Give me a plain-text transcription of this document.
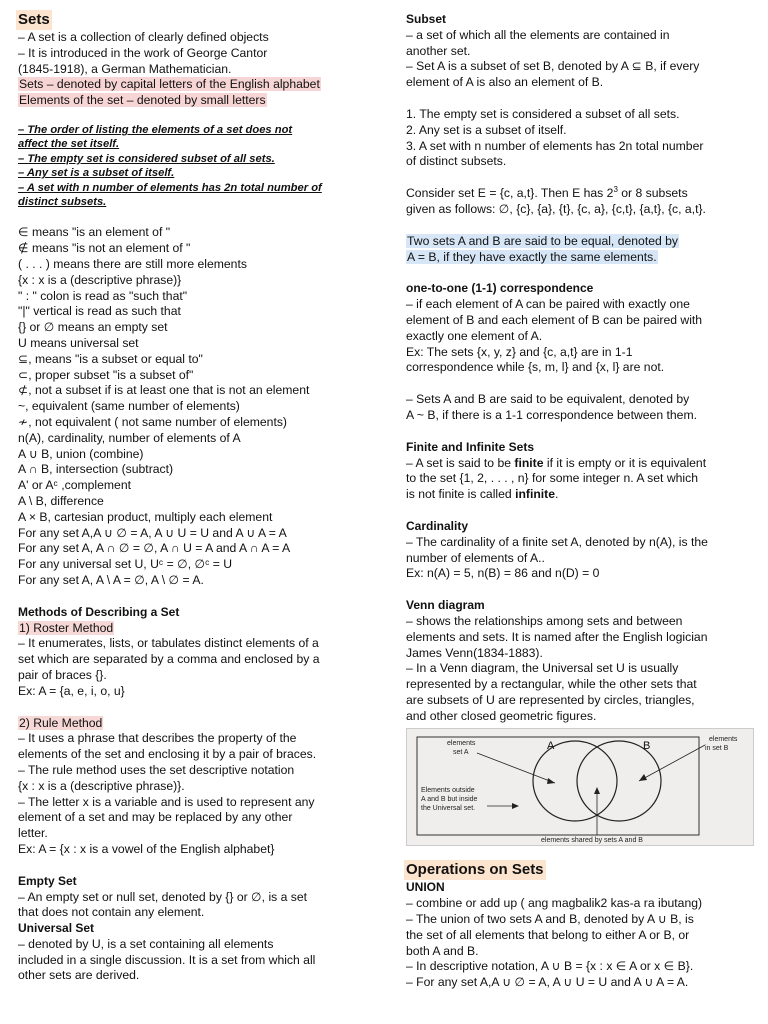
Sets
– A set is a collection of clearly defined objects
– It is introduced in the work of George Cantor
(1845-1918), a German Mathematician.
Sets – denoted by capital letters of the English alphabet
Elements of the set – denoted by small letters
– The order of listing the elements of a set does not
affect the set itself.
– The empty set is considered subset of all sets.
– Any set is a subset of itself.
– A set with n number of elements has 2n total number of
distinct subsets.
∈ means "is an element of "
∉ means "is not an element of "
( . . . ) means there are still more elements
{x : x is a (descriptive phrase)}
" : " colon is read as "such that"
"|" vertical is read as such that
{} or ∅ means an empty set
U means universal set
⊆, means "is a subset or equal to"
⊂, proper subset "is a subset of"
⊄, not a subset if is at least one that is not an element
~, equivalent (same number of elements)
≁, not equivalent ( not same number of elements)
n(A), cardinality, number of elements of A
A ∪ B, union (combine)
A ∩ B, intersection (subtract)
A' or Aᶜ ,complement
A \ B, difference
A × B, cartesian product, multiply each element
For any set A,A ∪ ∅ = A, A ∪ U = U and A ∪ A = A
For any set A, A ∩ ∅ = ∅, A ∩ U = A and A ∩ A = A
For any universal set U, Uᶜ = ∅, ∅ᶜ = U
For any set A, A \ A = ∅, A \ ∅ = A.
Methods of Describing a Set
1) Roster Method
– It enumerates, lists, or tabulates distinct elements of a
set which are separated by a comma and enclosed by a
pair of braces {}.
Ex: A = {a, e, i, o, u}
2) Rule Method
– It uses a phrase that describes the property of the
elements of the set and enclosing it by a pair of braces.
– The rule method uses the set descriptive notation
{x : x is a (descriptive phrase)}.
– The letter x is a variable and is used to represent any
element of a set and may be replaced by any other
letter.
Ex: A = {x : x is a vowel of the English alphabet}
Empty Set
– An empty set or null set, denoted by {} or ∅, is a set
that does not contain any element.
Universal Set
– denoted by U, is a set containing all elements
included in a single discussion. It is a set from which all
other sets are derived.
Subset
– a set of which all the elements are contained in
another set.
– Set A is a subset of set B, denoted by A ⊆ B, if every
element of A is also an element of B.
1. The empty set is considered a subset of all sets.
2. Any set is a subset of itself.
3. A set with n number of elements has 2n total number
of distinct subsets.
Consider set E = {c, a,t}. Then E has $2^3$ or 8 subsets
given as follows: ∅, {c}, {a}, {t}, {c, a}, {c,t}, {a,t}, {c, a,t}.
Two sets A and B are said to be equal, denoted by
A = B, if they have exactly the same elements.
one-to-one (1-1) correspondence
– if each element of A can be paired with exactly one
element of B and each element of B can be paired with
exactly one element of A.
Ex: The sets {x, y, z} and {c, a,t} are in 1-1
correspondence while {s, m, l} and {x, l} are not.
– Sets A and B are said to be equivalent, denoted by
A ~ B, if there is a 1-1 correspondence between them.
Finite and Infinite Sets
– A set is said to be finite if it is empty or it is equivalent
to the set {1, 2, . . . , n} for some integer n. A set which
is not finite is called infinite.
Cardinality
– The cardinality of a finite set A, denoted by n(A), is the
number of elements of A..
Ex: n(A) = 5, n(B) = 86 and n(D) = 0
Venn diagram
– shows the relationships among sets and between
elements and sets. It is named after the English logician
James Venn(1834-1883).
– In a Venn diagram, the Universal set U is usually
represented by a rectangular, while the other sets that
are subsets of U are represented by circles, triangles,
and other closed geometric figures.
A	B
elements
set A
elements
in set B
Elements outside
A and B but inside
the Universal set.
elements shared by sets A and B
Operations on Sets
UNION
– combine or add up ( ang magbalik2 kas-a ra ibutang)
– The union of two sets A and B, denoted by A ∪ B, is
the set of all elements that belong to either A or B, or
both A and B.
– In descriptive notation, A ∪ B = {x : x ∈ A or x ∈ B}.
– For any set A,A ∪ ∅ = A, A ∪ U = U and A ∪ A = A.
